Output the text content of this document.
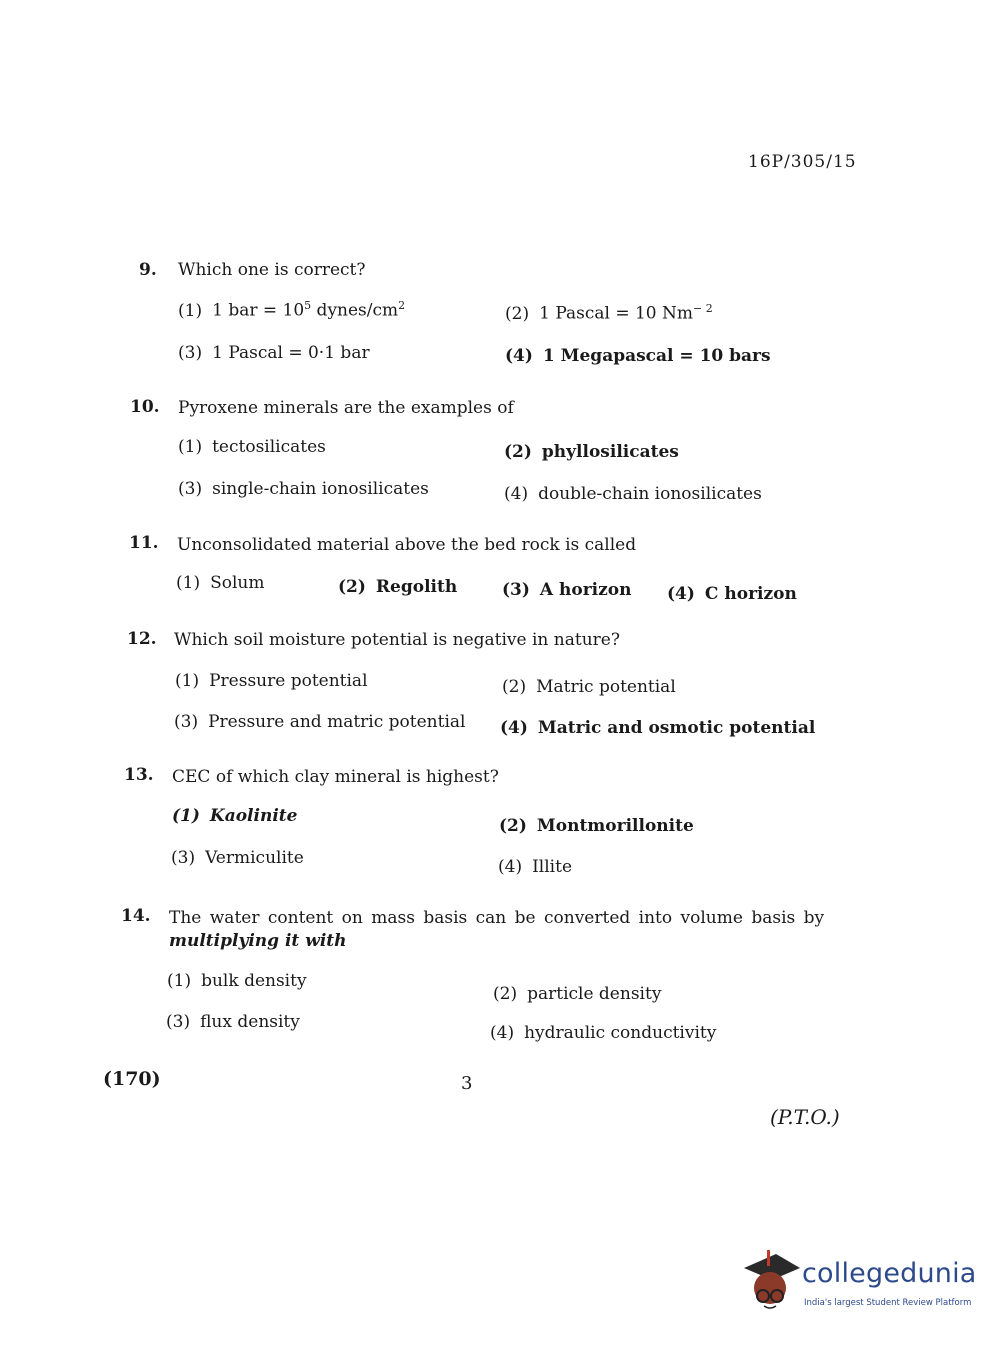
16P/305/15
9. Which one is correct?
(1) 1 bar = $10^5$ dynes/$cm^2$	(2) 1 Pascal = 10 $Nm^{- 2}$
(3) 1 Pascal = 0·1 bar	(4) 1 Megapascal = 10 bars
10. Pyroxene minerals are the examples of
(1) tectosilicates	(2) phyllosilicates
(3) single-chain ionosilicates	(4) double-chain ionosilicates
11. Unconsolidated material above the bed rock is called
(1) Solum	(2) Regolith	(3) A horizon (4) C horizon
12. Which soil moisture potential is negative in nature?
(1) Pressure potential	(2) Matric potential
(3) Pressure and matric potential (4) Matric and osmotic potential
13. CEC of which clay mineral is highest?
(1) Kaolinite	(2) Montmorillonite
(3) Vermiculite	(4) Illite
14. The water content on mass basis can be converted into volume basis by
multiplying it with
(1) bulk density
(2) particle density
(3) flux density
(4) hydraulic conductivity
(170)	3
(P.T.O.)
collegedunia
India's largest Student Review Platform
